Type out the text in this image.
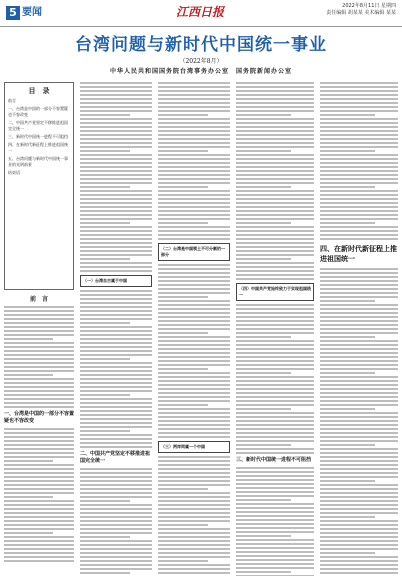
5 要闻	江西日报	2022年8月11日 星期四
责任编辑 胡某某 美术编辑 某某
台湾问题与新时代中国统一事业
（2022年8月）
中华人民共和国国务院台湾事务办公室　国务院新闻办公室
目　录
前言
一、台湾是中国的一部分不容置疑也不容改变
二、中国共产党坚定不移推进祖国完全统一
三、新时代中国统一进程不可阻挡
四、在新时代新征程上推进祖国统一
五、台湾问题与新时代中国统一事业的光明前景
结束语
前　言
一、台湾是中国的一部分不容置疑也不容改变
（一）台湾自古属于中国
二、中国共产党坚定不移推进祖国完全统一
（二）台湾是中国领土不可分割的一部分
（三）两岸同属一个中国
（四）中国共产党始终致力于实现祖国统一
三、新时代中国统一进程不可阻挡
四、在新时代新征程上推进祖国统一
